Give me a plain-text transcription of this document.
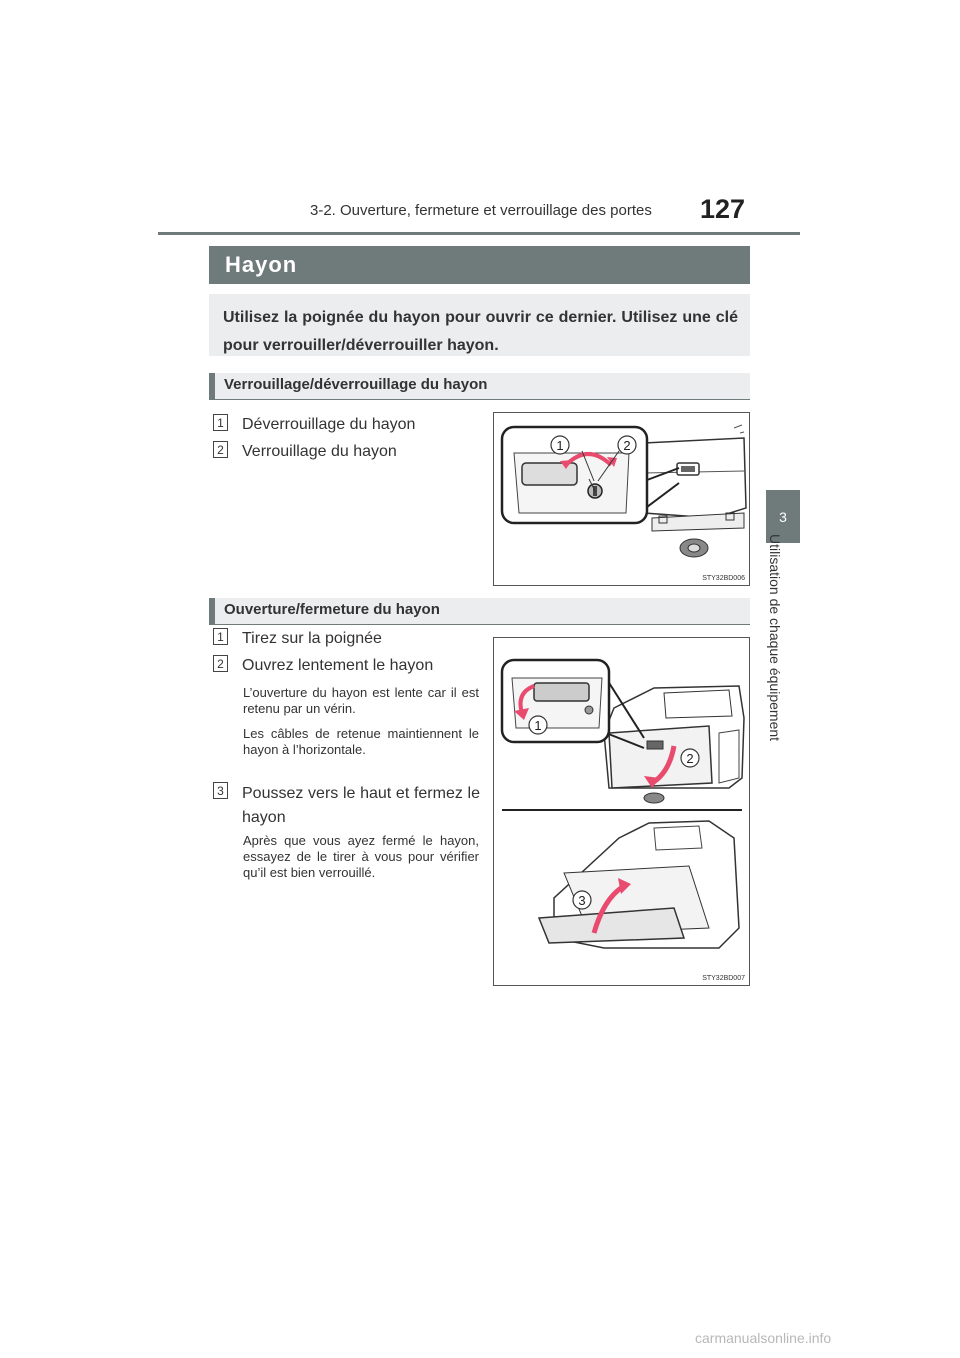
3-2. Ouverture, fermeture et verrouillage des portes 127
3
Utilisation de chaque équipement
Hayon
Utilisez la poignée du hayon pour ouvrir ce dernier. Utilisez une clé pour verrouiller/déverrouiller hayon.
Verrouillage/déverrouillage du hayon
1 Déverrouillage du hayon
2 Verrouillage du hayon	1	2
STY32BD006
Ouverture/fermeture du hayon
1 Tirez sur la poignée
2 Ouvrez lentement le hayon
L’ouverture du hayon est lente car il est retenu par un vérin.
Les câbles de retenue maintiennent le hayon à l’horizontale.
3 Poussez vers le haut et fermez le hayon
Après que vous ayez fermé le hayon, essayez de le tirer à vous pour vérifier qu’il est bien verrouillé.
1
2
3
STY32BD007
carmanualsonline.info
